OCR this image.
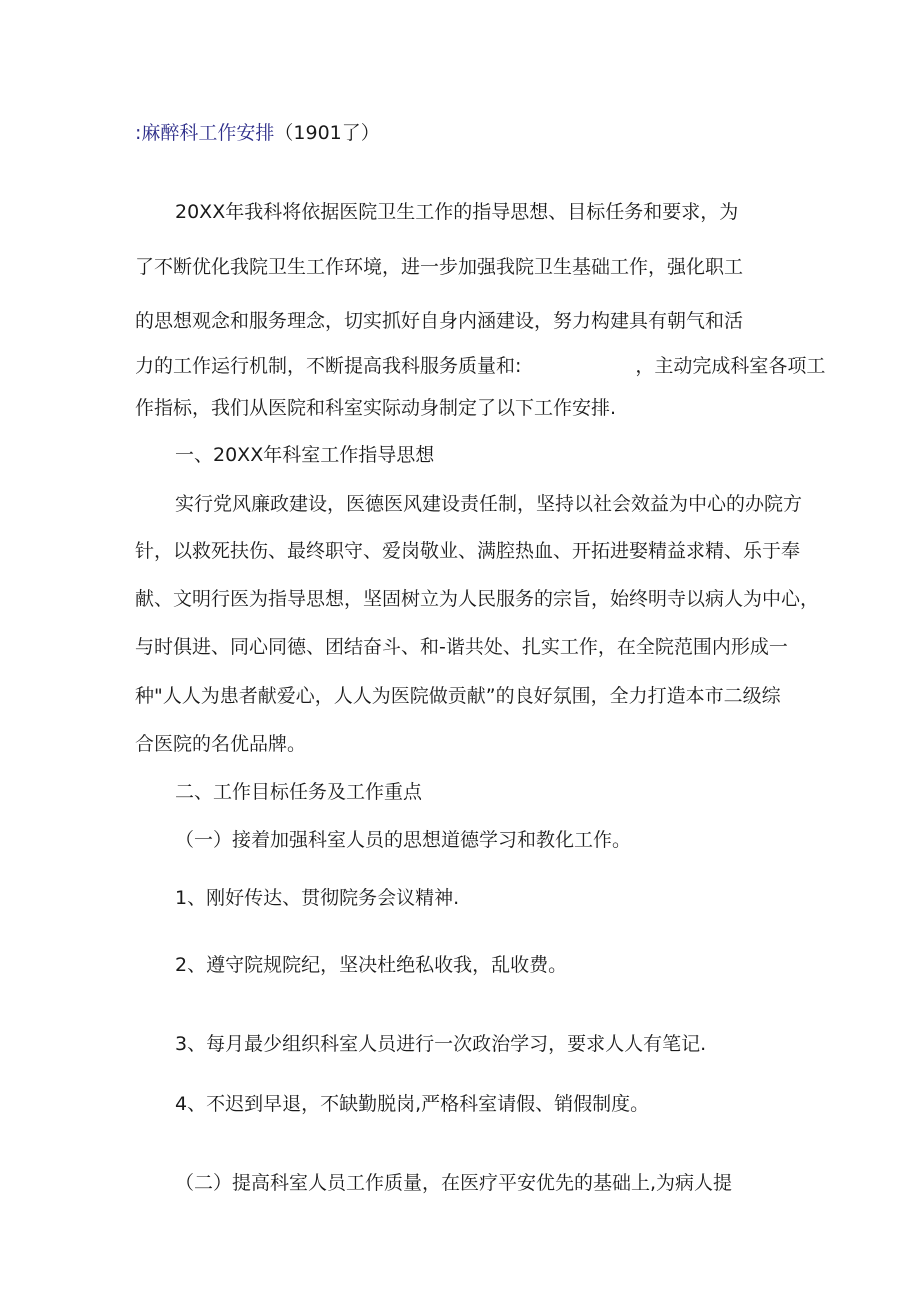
:麻醉科工作安排（1901了）
20XX年我科将依据医院卫生工作的指导思想、目标任务和要求，为
了不断优化我院卫生工作环境，进一步加强我院卫生基础工作，强化职工
的思想观念和服务理念，切实抓好自身内涵建设，努力构建具有朝气和活
力的工作运行机制，不断提高我科服务质量和:　　　　　　，主动完成科室各项工
作指标，我们从医院和科室实际动身制定了以下工作安排.
一、20XX年科室工作指导思想
实行党风廉政建设，医德医风建设责任制，坚持以社会效益为中心的办院方
针，以救死扶伤、最终职守、爱岗敬业、满腔热血、开拓进娶精益求精、乐于奉
献、文明行医为指导思想，坚固树立为人民服务的宗旨，始终明寺以病人为中心，
与时俱进、同心同德、团结奋斗、和-谐共处、扎实工作，在全院范围内形成一
种"人人为患者献爱心，人人为医院做贡献”的良好氛围，全力打造本市二级综
合医院的名优品牌。
二、工作目标任务及工作重点
（一）接着加强科室人员的思想道德学习和教化工作。
1、刚好传达、贯彻院务会议精神.
2、遵守院规院纪，坚决杜绝私收我，乱收费。
3、每月最少组织科室人员进行一次政治学习，要求人人有笔记.
4、不迟到早退，不缺勤脱岗,严格科室请假、销假制度。
（二）提高科室人员工作质量，在医疗平安优先的基础上,为病人提
